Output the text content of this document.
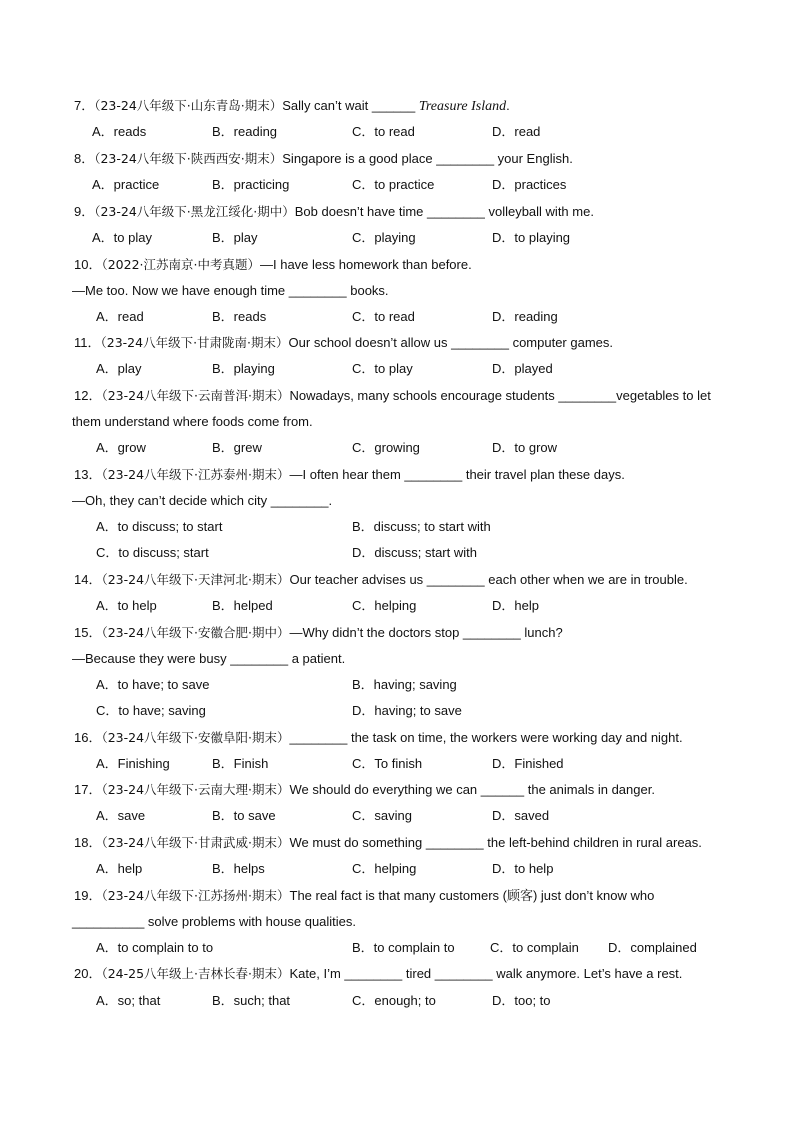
7．（23-24八年级下·山东青岛·期末）Sally can’t wait ______ Treasure Island.
A．reads	B．reading	C．to read	D．read
8．（23-24八年级下·陕西西安·期末）Singapore is a good place ________ your English.
A．practice	B．practicing	C．to practice	D．practices
9．（23-24八年级下·黑龙江绥化·期中）Bob doesn’t have time ________ volleyball with me.
A．to play	B．play	C．playing	D．to playing
10．（2022·江苏南京·中考真题）—I have less homework than before.
—Me too. Now we have enough time ________ books.
A．read	B．reads	C．to read	D．reading
11．（23-24八年级下·甘肃陇南·期末）Our school doesn’t allow us ________ computer games.
A．play	B．playing	C．to play	D．played
12．（23-24八年级下·云南普洱·期末）Nowadays, many schools encourage students ________vegetables to let
them understand where foods come from.
A．grow	B．grew	C．growing	D．to grow
13．（23-24八年级下·江苏泰州·期末）—I often hear them ________ their travel plan these days.
—Oh, they can’t decide which city ________.
A．to discuss; to start	B．discuss; to start with
C．to discuss; start	D．discuss; start with
14．（23-24八年级下·天津河北·期末）Our teacher advises us ________ each other when we are in trouble.
A．to help	B．helped	C．helping	D．help
15．（23-24八年级下·安徽合肥·期中）—Why didn’t the doctors stop ________ lunch?
—Because they were busy ________ a patient.
A．to have; to save	B．having; saving
C．to have; saving	D．having; to save
16．（23-24八年级下·安徽阜阳·期末）________ the task on time, the workers were working day and night.
A．Finishing	B．Finish	C．To finish	D．Finished
17．（23-24八年级下·云南大理·期末）We should do everything we can ______ the animals in danger.
A．save	B．to save	C．saving	D．saved
18．（23-24八年级下·甘肃武威·期末）We must do something ________ the left-behind children in rural areas.
A．help	B．helps	C．helping	D．to help
19．（23-24八年级下·江苏扬州·期末）The real fact is that many customers (顾客) just don’t know who
__________ solve problems with house qualities.
A．to complain to to	B．to complain to	C．to complain D．complained
20．（24-25八年级上·吉林长春·期末）Kate, I’m ________ tired ________ walk anymore. Let’s have a rest.
A．so; that	B．such; that	C．enough; to	D．too; to
